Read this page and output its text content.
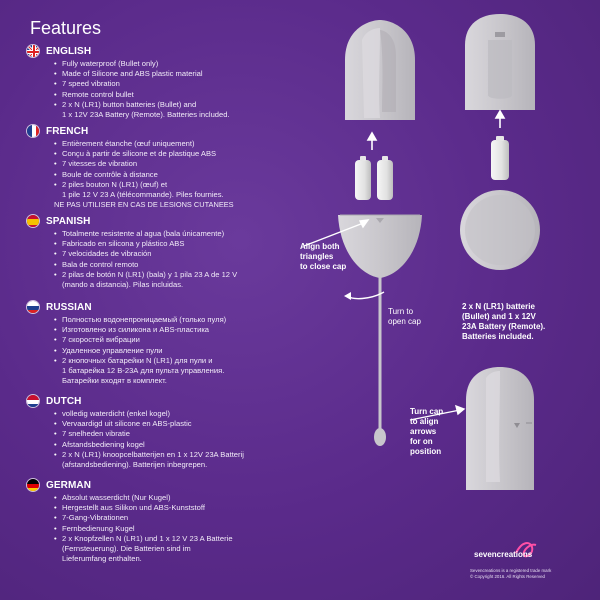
Features
ENGLISH
• Fully waterproof (Bullet only)
• Made of Silicone and ABS plastic material
• 7 speed vibration
• Remote control bullet
• 2 x N (LR1) button batteries (Bullet) and
1 x 12V 23A Battery (Remote). Batteries included.
FRENCH
• Entièrement étanche (œuf uniquement)
• Conçu à partir de silicone et de plastique ABS
• 7 vitesses de vibration
• Boule de contrôle à distance
• 2 piles bouton N (LR1) (œuf) et
1 pile 12 V 23 A (télécommande). Piles fournies.
NE PAS UTILISER EN CAS DE LESIONS CUTANEES
SPANISH
• Totalmente resistente al agua (bala únicamente)
• Fabricado en silicona y plástico ABS
• 7 velocidades de vibración
• Bala de control remoto
• 2 pilas de botón N (LR1) (bala) y 1 pila 23 A de 12 V
(mando a distancia). Pilas incluidas.
RUSSIAN
• Полностью водонепроницаемый (только пуля)
• Изготовлено из силикона и ABS-пластика
• 7 скоростей вибрации
• Удаленное управление пули
• 2 кнопочных батарейки N (LR1) для пули и
1 батарейка 12 В-23А для пульта управления.
Батарейки входят в комплект.
DUTCH
• volledig waterdicht (enkel kogel)
• Vervaardigd uit silicone en ABS-plastic
• 7 snelheden vibratie
• Afstandsbediening kogel
• 2 x N (LR1) knoopcelbatterijen en 1 x 12V 23A Batterij
(afstandsbediening). Batterijen inbegrepen.
GERMAN
• Absolut wasserdicht (Nur Kugel)
• Hergestellt aus Silikon und ABS-Kunststoff
• 7-Gang-Vibrationen
• Fernbedienung Kugel
• 2 x Knopfzellen N (LR1) und 1 x 12 V 23 A Batterie
(Fernsteuerung). Die Batterien sind im
Lieferumfang enthalten.
Align both
triangles
to close cap
Turn to
open cap
2 x N (LR1) batterie
(Bullet) and 1 x 12V
23A Battery (Remote).
Batteries included.
Turn cap
to align
arrows
for on
position
sevencreations
Sevencreations is a registered trade mark
© Copyright 2016. All Rights Reserved
